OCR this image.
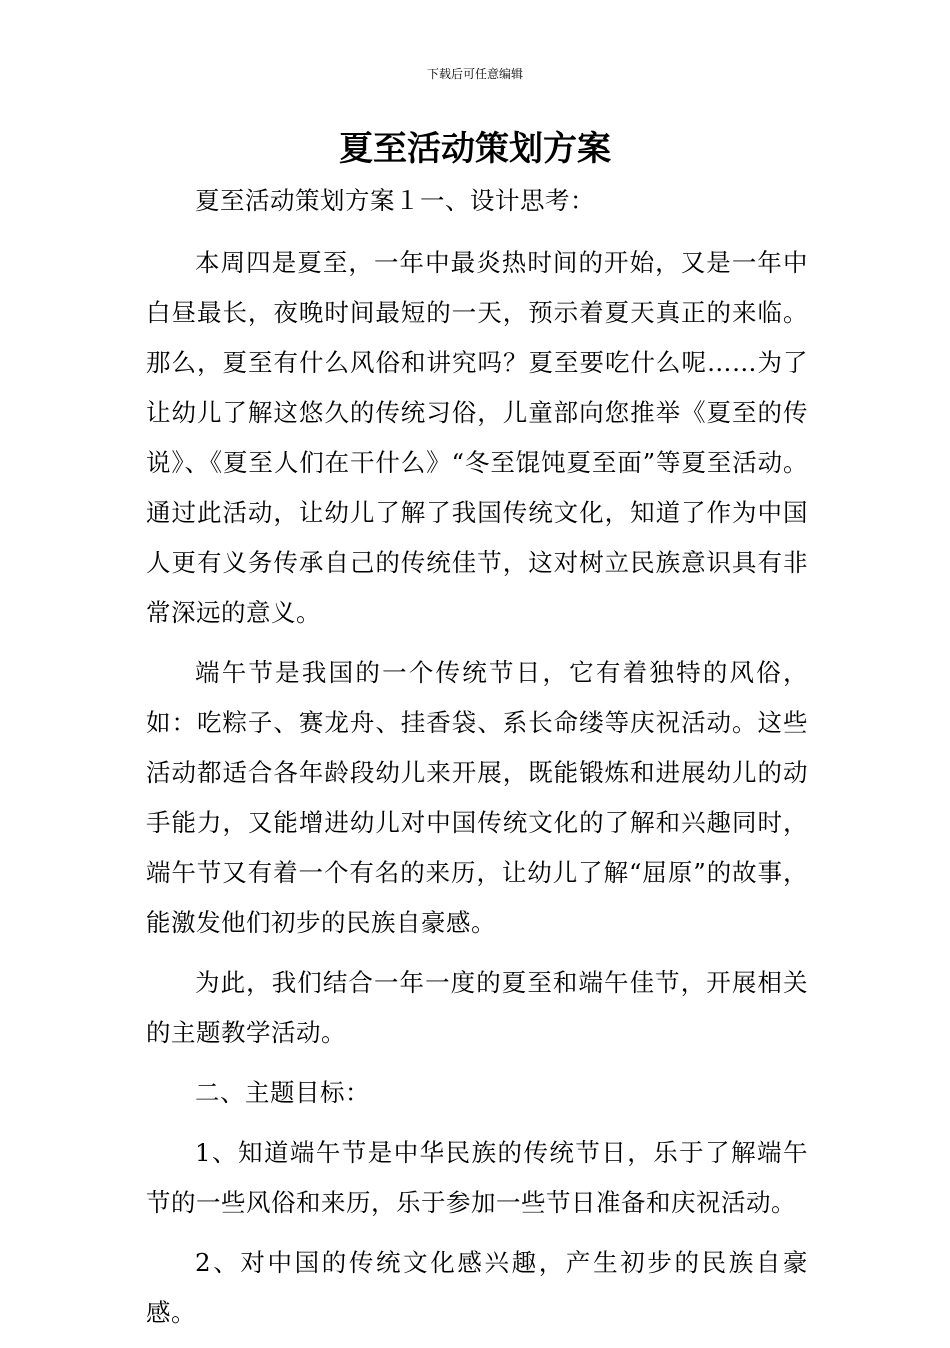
下载后可任意编辑
夏至活动策划方案

夏至活动策划方案１一、设计思考：

本周四是夏至，一年中最炎热时间的开始，又是一年中白昼最长，夜晚时间最短的一天，预示着夏天真正的来临。那么，夏至有什么风俗和讲究吗？夏至要吃什么呢……为了让幼儿了解这悠久的传统习俗，儿童部向您推举《夏至的传说》、《夏至人们在干什么》“冬至馄饨夏至面”等夏至活动。通过此活动，让幼儿了解了我国传统文化，知道了作为中国人更有义务传承自己的传统佳节，这对树立民族意识具有非常深远的意义。

端午节是我国的一个传统节日，它有着独特的风俗，如：吃粽子、赛龙舟、挂香袋、系长命缕等庆祝活动。这些活动都适合各年龄段幼儿来开展，既能锻炼和进展幼儿的动手能力，又能增进幼儿对中国传统文化的了解和兴趣同时，端午节又有着一个有名的来历，让幼儿了解“屈原”的故事，能激发他们初步的民族自豪感。

为此，我们结合一年一度的夏至和端午佳节，开展相关的主题教学活动。

二、主题目标：

1、知道端午节是中华民族的传统节日，乐于了解端午节的一些风俗和来历，乐于参加一些节日准备和庆祝活动。

2、对中国的传统文化感兴趣，产生初步的民族自豪感。
